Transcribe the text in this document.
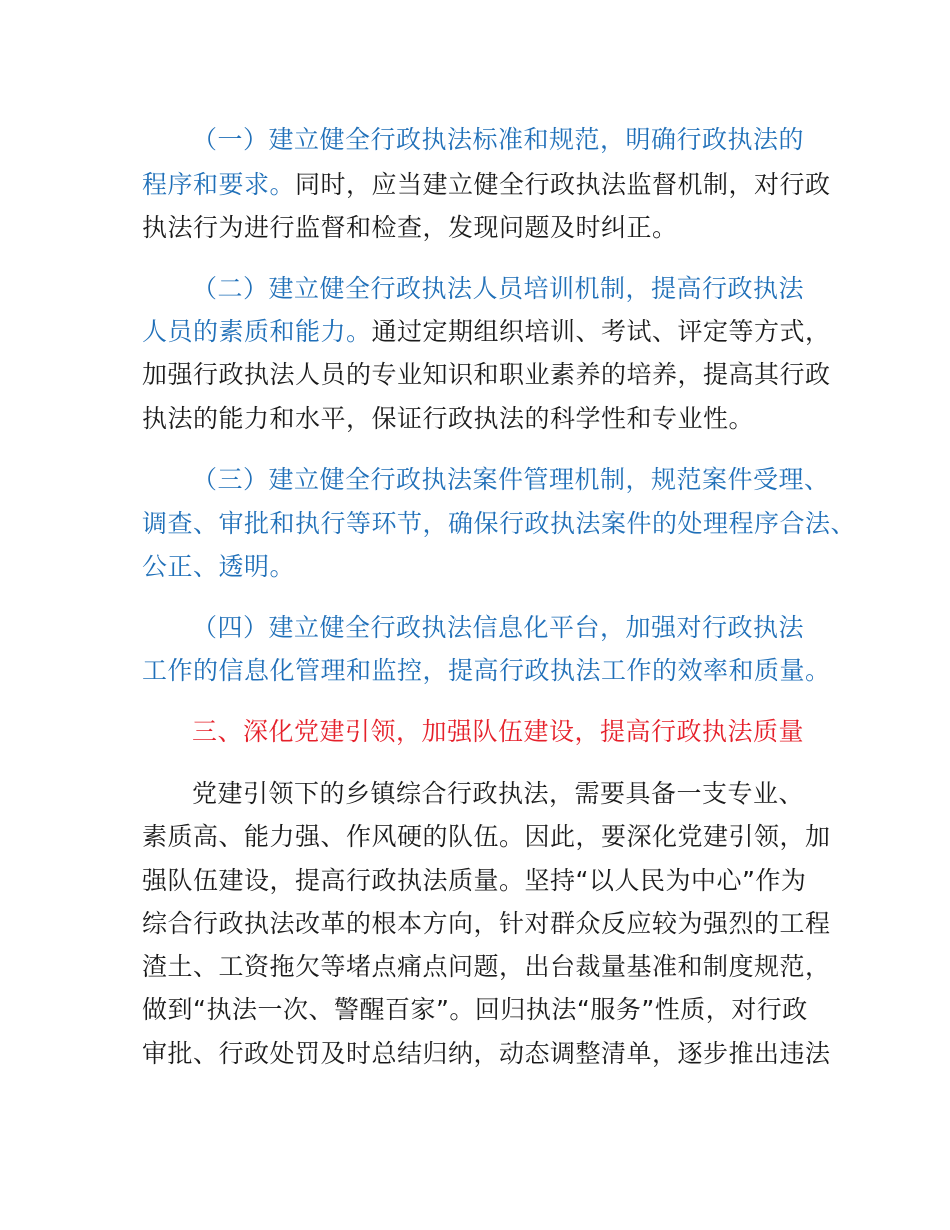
（一）建立健全行政执法标准和规范，明确行政执法的
程序和要求。同时，应当建立健全行政执法监督机制，对行政
执法行为进行监督和检查，发现问题及时纠正。
（二）建立健全行政执法人员培训机制，提高行政执法
人员的素质和能力。通过定期组织培训、考试、评定等方式，
加强行政执法人员的专业知识和职业素养的培养，提高其行政
执法的能力和水平，保证行政执法的科学性和专业性。
（三）建立健全行政执法案件管理机制，规范案件受理、
调查、审批和执行等环节，确保行政执法案件的处理程序合法、
公正、透明。
（四）建立健全行政执法信息化平台，加强对行政执法
工作的信息化管理和监控，提高行政执法工作的效率和质量。
三、深化党建引领，加强队伍建设，提高行政执法质量
党建引领下的乡镇综合行政执法，需要具备一支专业、
素质高、能力强、作风硬的队伍。因此，要深化党建引领，加
强队伍建设，提高行政执法质量。坚持“以人民为中心”作为
综合行政执法改革的根本方向，针对群众反应较为强烈的工程
渣土、工资拖欠等堵点痛点问题，出台裁量基准和制度规范，
做到“执法一次、警醒百家”。回归执法“服务”性质，对行政
审批、行政处罚及时总结归纳，动态调整清单，逐步推出违法
